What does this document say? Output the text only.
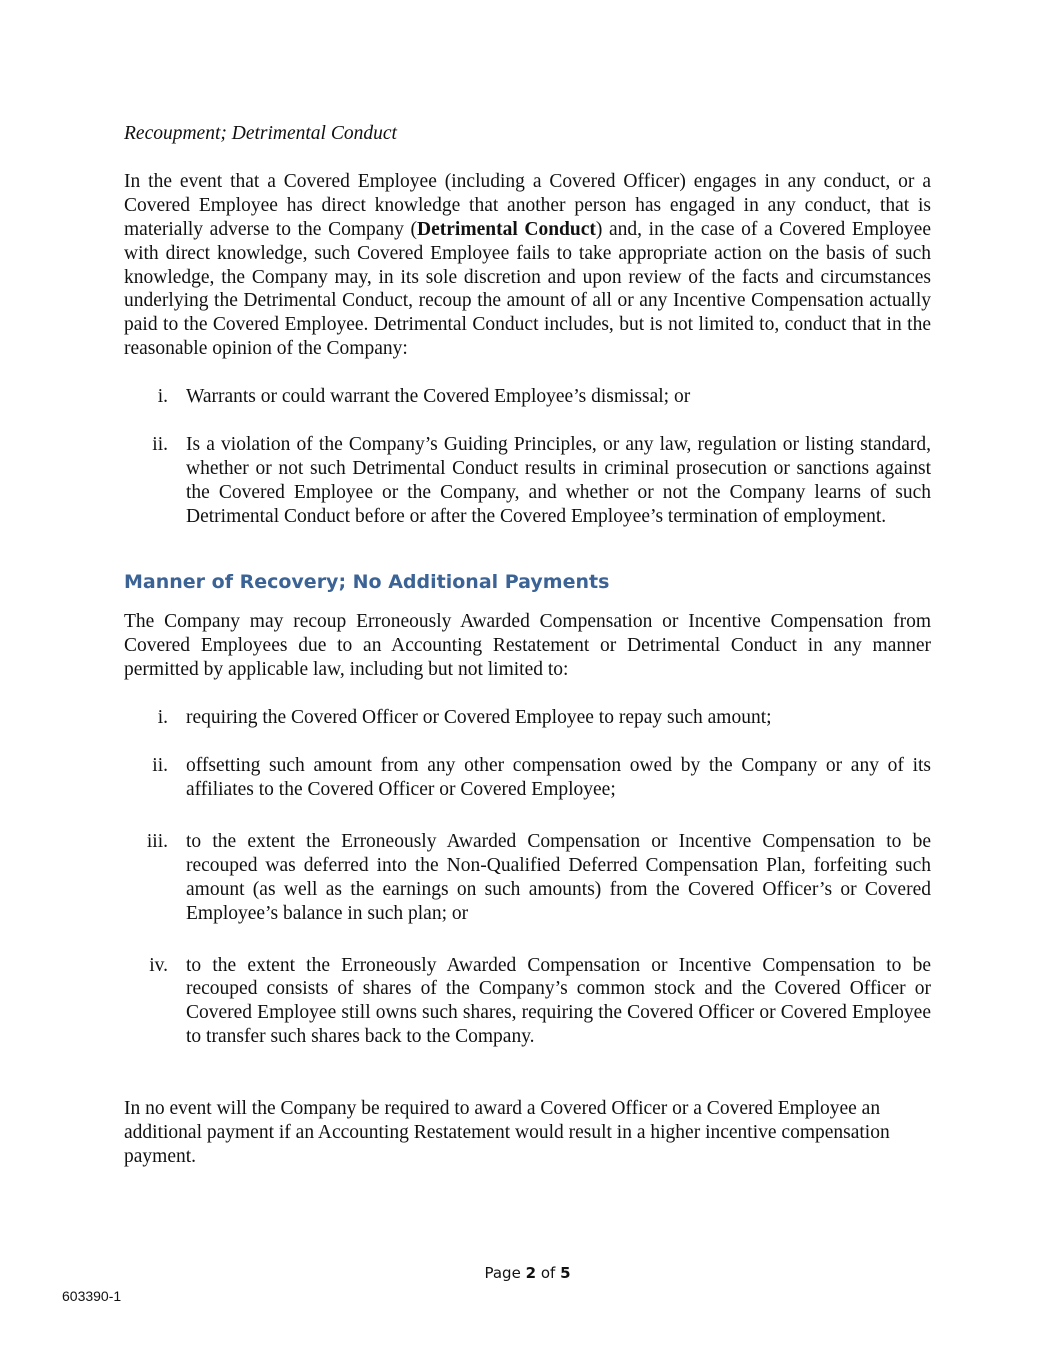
Recoupment; Detrimental Conduct

In the event that a Covered Employee (including a Covered Officer) engages in any conduct, or a Covered Employee has direct knowledge that another person has engaged in any conduct, that is materially adverse to the Company (Detrimental Conduct) and, in the case of a Covered Employee with direct knowledge, such Covered Employee fails to take appropriate action on the basis of such knowledge, the Company may, in its sole discretion and upon review of the facts and circumstances underlying the Detrimental Conduct, recoup the amount of all or any Incentive Compensation actually paid to the Covered Employee. Detrimental Conduct includes, but is not limited to, conduct that in the reasonable opinion of the Company:

i. Warrants or could warrant the Covered Employee’s dismissal; or
ii. Is a violation of the Company’s Guiding Principles, or any law, regulation or listing standard, whether or not such Detrimental Conduct results in criminal prosecution or sanctions against the Covered Employee or the Company, and whether or not the Company learns of such Detrimental Conduct before or after the Covered Employee’s termination of employment.
Manner of Recovery; No Additional Payments

The Company may recoup Erroneously Awarded Compensation or Incentive Compensation from Covered Employees due to an Accounting Restatement or Detrimental Conduct in any manner permitted by applicable law, including but not limited to:

i. requiring the Covered Officer or Covered Employee to repay such amount;
ii. offsetting such amount from any other compensation owed by the Company or any of its affiliates to the Covered Officer or Covered Employee;
iii. to the extent the Erroneously Awarded Compensation or Incentive Compensation to be recouped was deferred into the Non-Qualified Deferred Compensation Plan, forfeiting such amount (as well as the earnings on such amounts) from the Covered Officer’s or Covered Employee’s balance in such plan; or
iv. to the extent the Erroneously Awarded Compensation or Incentive Compensation to be recouped consists of shares of the Company’s common stock and the Covered Officer or Covered Employee still owns such shares, requiring the Covered Officer or Covered Employee to transfer such shares back to the Company.

In no event will the Company be required to award a Covered Officer or a Covered Employee an additional payment if an Accounting Restatement would result in a higher incentive compensation payment.

Page 2 of 5
603390-1
